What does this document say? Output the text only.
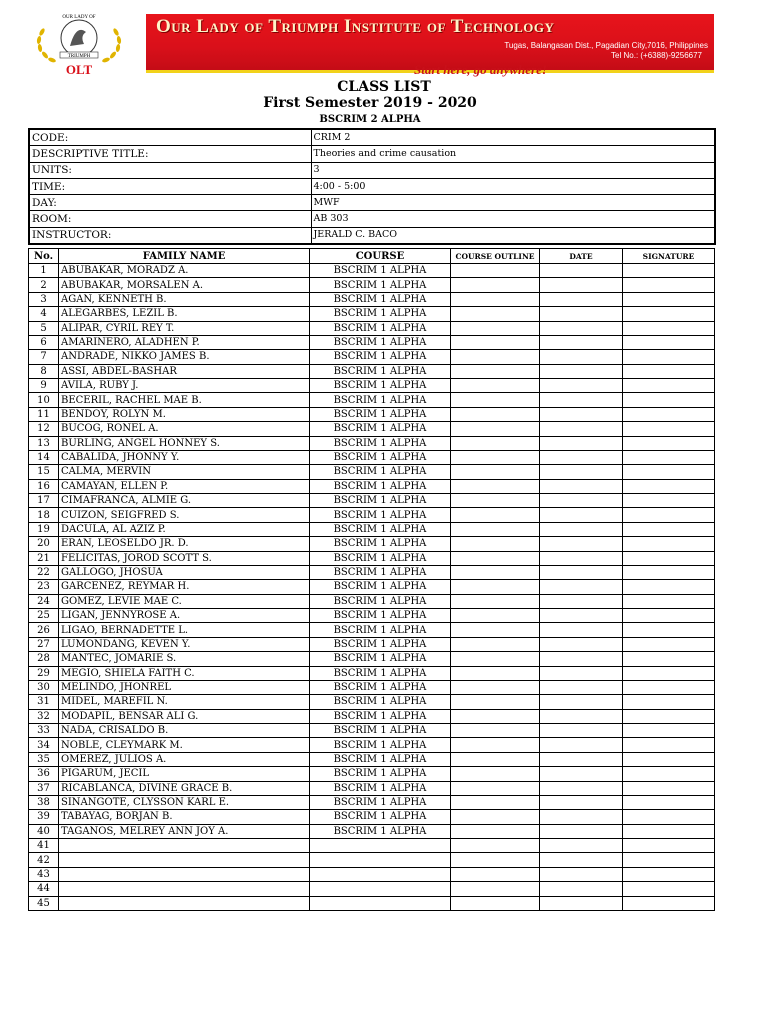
TRIUMPH
OUR LADY OF
OLT
Our Lady of Triumph Institute of Technology
Tugas, Balangasan Dist., Pagadian City,7016, Philippines
Tel No.: (+6388)-9256677
Start here, go anywhere!
CLASS LIST
First Semester 2019 - 2020
BSCRIM 2 ALPHA
CODE:	CRIM 2
DESCRIPTIVE TITLE:	Theories and crime causation
UNITS:	3
TIME:	4:00 - 5:00
DAY:	MWF
ROOM:	AB 303
INSTRUCTOR:	JERALD C. BACO
No.	FAMILY NAME	COURSE	COURSE OUTLINE	DATE	SIGNATURE
1	ABUBAKAR, MORADZ A.	BSCRIM 1 ALPHA			
2	ABUBAKAR, MORSALEN A.	BSCRIM 1 ALPHA			
3	AGAN, KENNETH B.	BSCRIM 1 ALPHA			
4	ALEGARBES, LEZIL B.	BSCRIM 1 ALPHA			
5	ALIPAR, CYRIL REY T.	BSCRIM 1 ALPHA			
6	AMARINERO, ALADHEN P.	BSCRIM 1 ALPHA			
7	ANDRADE, NIKKO JAMES B.	BSCRIM 1 ALPHA			
8	ASSI, ABDEL-BASHAR	BSCRIM 1 ALPHA			
9	AVILA, RUBY J.	BSCRIM 1 ALPHA			
10	BECERIL, RACHEL MAE B.	BSCRIM 1 ALPHA			
11	BENDOY, ROLYN M.	BSCRIM 1 ALPHA			
12	BUCOG, RONEL A.	BSCRIM 1 ALPHA			
13	BURLING, ANGEL HONNEY S.	BSCRIM 1 ALPHA			
14	CABALIDA, JHONNY Y.	BSCRIM 1 ALPHA			
15	CALMA, MERVIN	BSCRIM 1 ALPHA			
16	CAMAYAN, ELLEN P.	BSCRIM 1 ALPHA			
17	CIMAFRANCA, ALMIE G.	BSCRIM 1 ALPHA			
18	CUIZON, SEIGFRED S.	BSCRIM 1 ALPHA			
19	DACULA, AL AZIZ P.	BSCRIM 1 ALPHA			
20	ERAN, LEOSELDO JR. D.	BSCRIM 1 ALPHA			
21	FELICITAS, JOROD SCOTT S.	BSCRIM 1 ALPHA			
22	GALLOGO, JHOSUA	BSCRIM 1 ALPHA			
23	GARCENEZ, REYMAR H.	BSCRIM 1 ALPHA			
24	GOMEZ, LEVIE MAE C.	BSCRIM 1 ALPHA			
25	LIGAN, JENNYROSE A.	BSCRIM 1 ALPHA			
26	LIGAO, BERNADETTE L.	BSCRIM 1 ALPHA			
27	LUMONDANG, KEVEN Y.	BSCRIM 1 ALPHA			
28	MANTEC, JOMARIE S.	BSCRIM 1 ALPHA			
29	MEGIO, SHIELA FAITH C.	BSCRIM 1 ALPHA			
30	MELINDO, JHONREL	BSCRIM 1 ALPHA			
31	MIDEL, MAREFIL N.	BSCRIM 1 ALPHA			
32	MODAPIL, BENSAR ALI G.	BSCRIM 1 ALPHA			
33	NADA, CRISALDO B.	BSCRIM 1 ALPHA			
34	NOBLE, CLEYMARK M.	BSCRIM 1 ALPHA			
35	OMEREZ, JULIOS A.	BSCRIM 1 ALPHA			
36	PIGARUM, JECIL	BSCRIM 1 ALPHA			
37	RICABLANCA, DIVINE GRACE B.	BSCRIM 1 ALPHA			
38	SINANGOTE, CLYSSON KARL E.	BSCRIM 1 ALPHA			
39	TABAYAG, BORJAN B.	BSCRIM 1 ALPHA			
40	TAGANOS, MELREY ANN JOY A.	BSCRIM 1 ALPHA			
41					
42					
43					
44					
45					
